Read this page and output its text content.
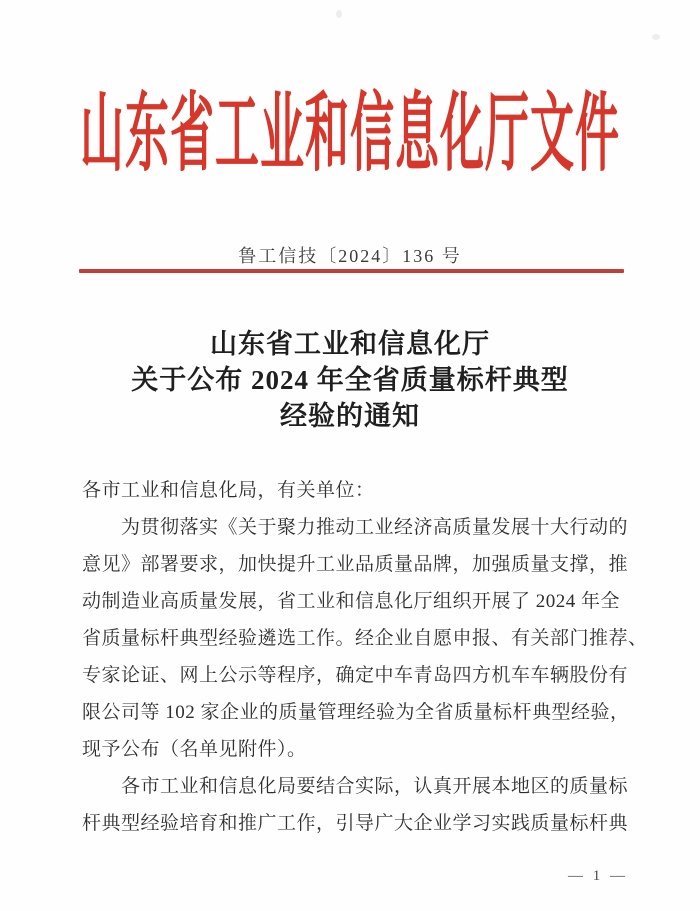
山东省工业和信息化厅文件
鲁工信技〔2024〕136 号
山东省工业和信息化厅
关于公布 2024 年全省质量标杆典型
经验的通知
各市工业和信息化局，有关单位：
　　为贯彻落实《关于聚力推动工业经济高质量发展十大行动的
意见》部署要求，加快提升工业品质量品牌，加强质量支撑，推
动制造业高质量发展，省工业和信息化厅组织开展了 2024 年全
省质量标杆典型经验遴选工作。经企业自愿申报、有关部门推荐、
专家论证、网上公示等程序，确定中车青岛四方机车车辆股份有
限公司等 102 家企业的质量管理经验为全省质量标杆典型经验，
现予公布（名单见附件）。
　　各市工业和信息化局要结合实际，认真开展本地区的质量标
杆典型经验培育和推广工作，引导广大企业学习实践质量标杆典
— 1 —
